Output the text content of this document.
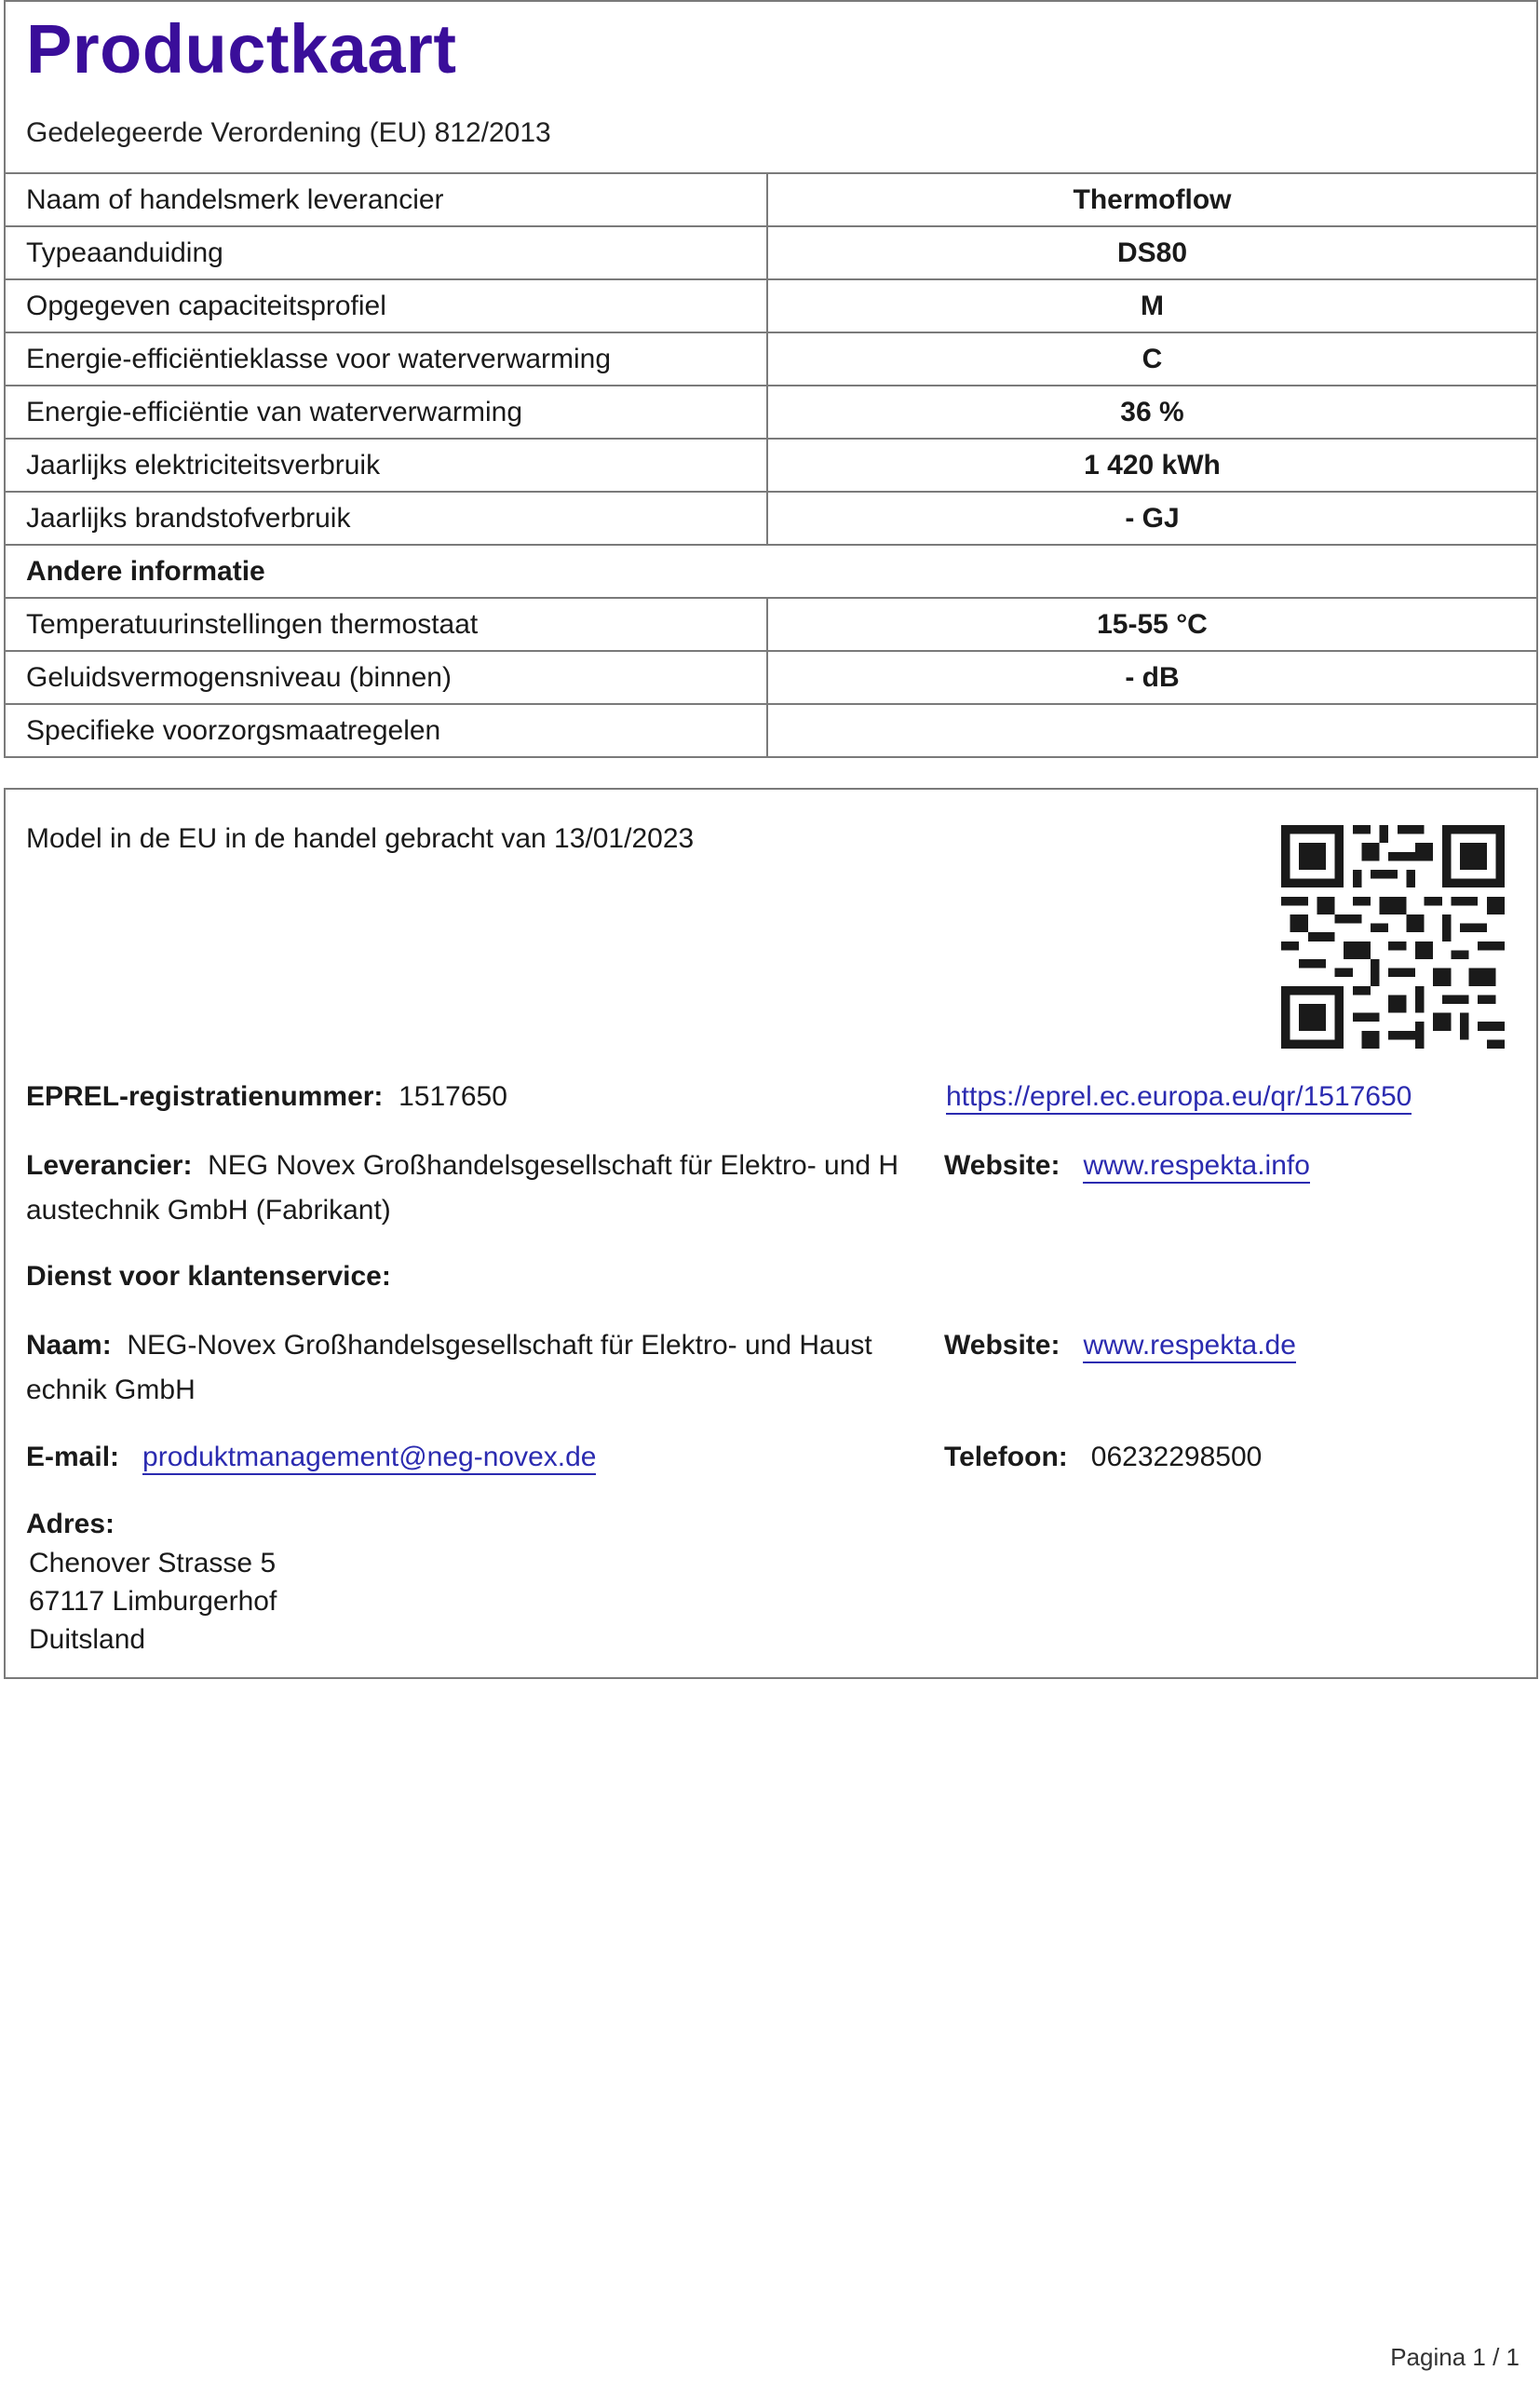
Productkaart
Gedelegeerde Verordening (EU) 812/2013
Naam of handelsmerk leverancier	Thermoflow
Typeaanduiding	DS80
Opgegeven capaciteitsprofiel	M
Energie-efficiëntieklasse voor waterverwarming	C
Energie-efficiëntie van waterverwarming	36 %
Jaarlijks elektriciteitsverbruik	1 420 kWh
Jaarlijks brandstofverbruik	- GJ
Andere informatie	
Temperatuurinstellingen thermostaat	15-55 °C
Geluidsvermogensniveau (binnen)	- dB
Specifieke voorzorgsmaatregelen	
Model in de EU in de handel gebracht van 13/01/2023
EPREL-registratienummer: 1517650	https://eprel.ec.europa.eu/qr/1517650
Leverancier: NEG Novex Großhandelsgesellschaft für Elektro- und H
austechnik GmbH (Fabrikant)
Website: www.respekta.info
Dienst voor klantenservice:
Naam: NEG-Novex Großhandelsgesellschaft für Elektro- und Haust
echnik GmbH
Website: www.respekta.de
E-mail: produktmanagement@neg-novex.de	Telefoon: 06232298500
Adres:
Chenover Strasse 5
67117 Limburgerhof
Duitsland
Pagina 1 / 1
